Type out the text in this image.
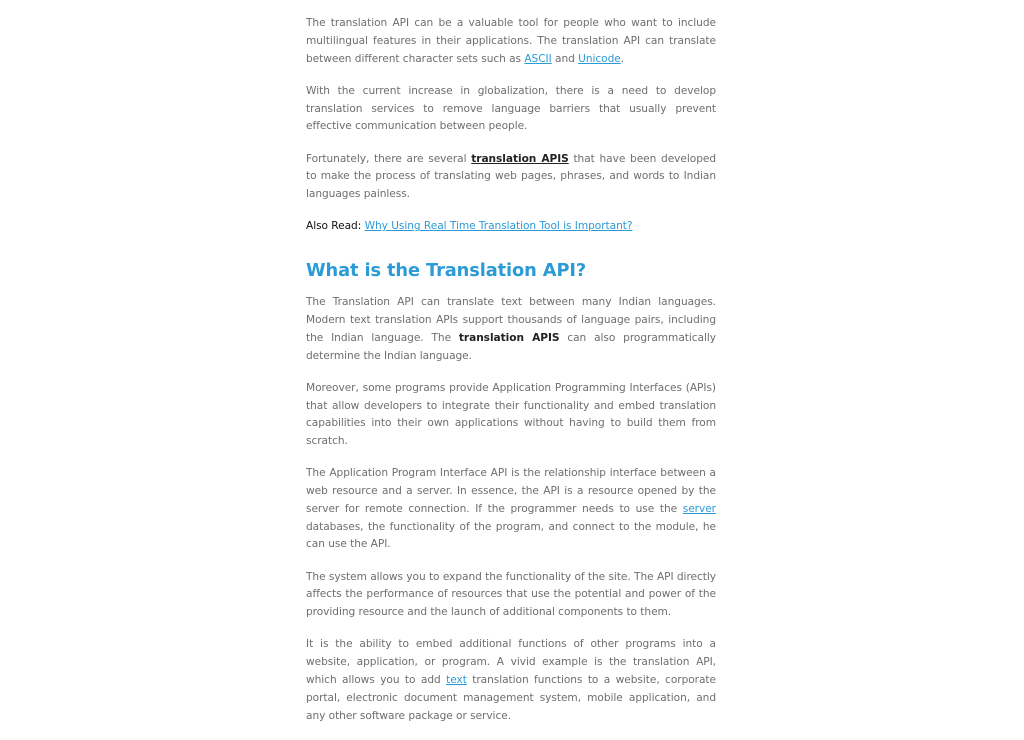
The translation API can be a valuable tool for people who want to include multilingual features in their applications. The translation API can translate between different character sets such as ASCII and Unicode.

With the current increase in globalization, there is a need to develop translation services to remove language barriers that usually prevent effective communication between people.

Fortunately, there are several translation APIS that have been developed to make the process of translating web pages, phrases, and words to Indian languages painless.

Also Read: Why Using Real Time Translation Tool is Important?

What is the Translation API?

The Translation API can translate text between many Indian languages. Modern text translation APIs support thousands of language pairs, including the Indian language. The translation APIS can also programmatically determine the Indian language.

Moreover, some programs provide Application Programming Interfaces (APIs) that allow developers to integrate their functionality and embed translation capabilities into their own applications without having to build them from scratch.

The Application Program Interface API is the relationship interface between a web resource and a server. In essence, the API is a resource opened by the server for remote connection. If the programmer needs to use the server databases, the functionality of the program, and connect to the module, he can use the API.

The system allows you to expand the functionality of the site. The API directly affects the performance of resources that use the potential and power of the providing resource and the launch of additional components to them.

It is the ability to embed additional functions of other programs into a website, application, or program. A vivid example is the translation API, which allows you to add text translation functions to a website, corporate portal, electronic document management system, mobile application, and any other software package or service.
